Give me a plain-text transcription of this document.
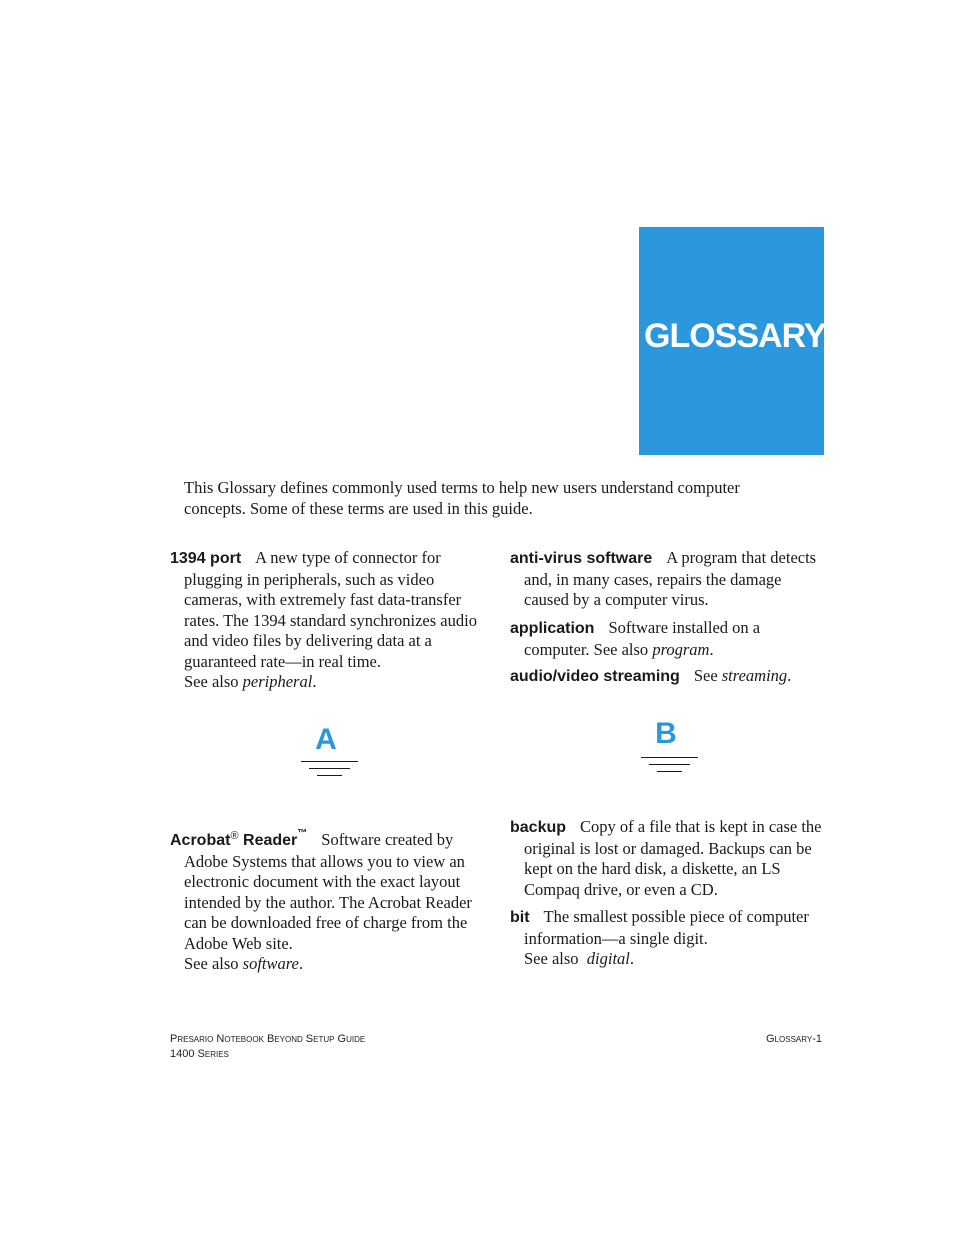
GLOSSARY

This Glossary defines commonly used terms to help new users understand computer concepts. Some of these terms are used in this guide.

1394 port A new type of connector for plugging in peripherals, such as video cameras, with extremely fast data-transfer rates. The 1394 standard synchronizes audio and video files by delivering data at a guaranteed rate—in real time.
See also peripheral.

anti-virus software A program that detects and, in many cases, repairs the damage caused by a computer virus.

application Software installed on a computer. See also program.

audio/video streaming See streaming.

A	B

Acrobat® Reader™ Software created by Adobe Systems that allows you to view an electronic document with the exact layout intended by the author. The Acrobat Reader can be downloaded free of charge from the Adobe Web site.
See also software.

backup Copy of a file that is kept in case the original is lost or damaged. Backups can be kept on the hard disk, a diskette, an LS Compaq drive, or even a CD.

bit The smallest possible piece of computer information—a single digit.
See also  digital.

Presario Notebook Beyond Setup Guide
1400 Series

Glossary-1
